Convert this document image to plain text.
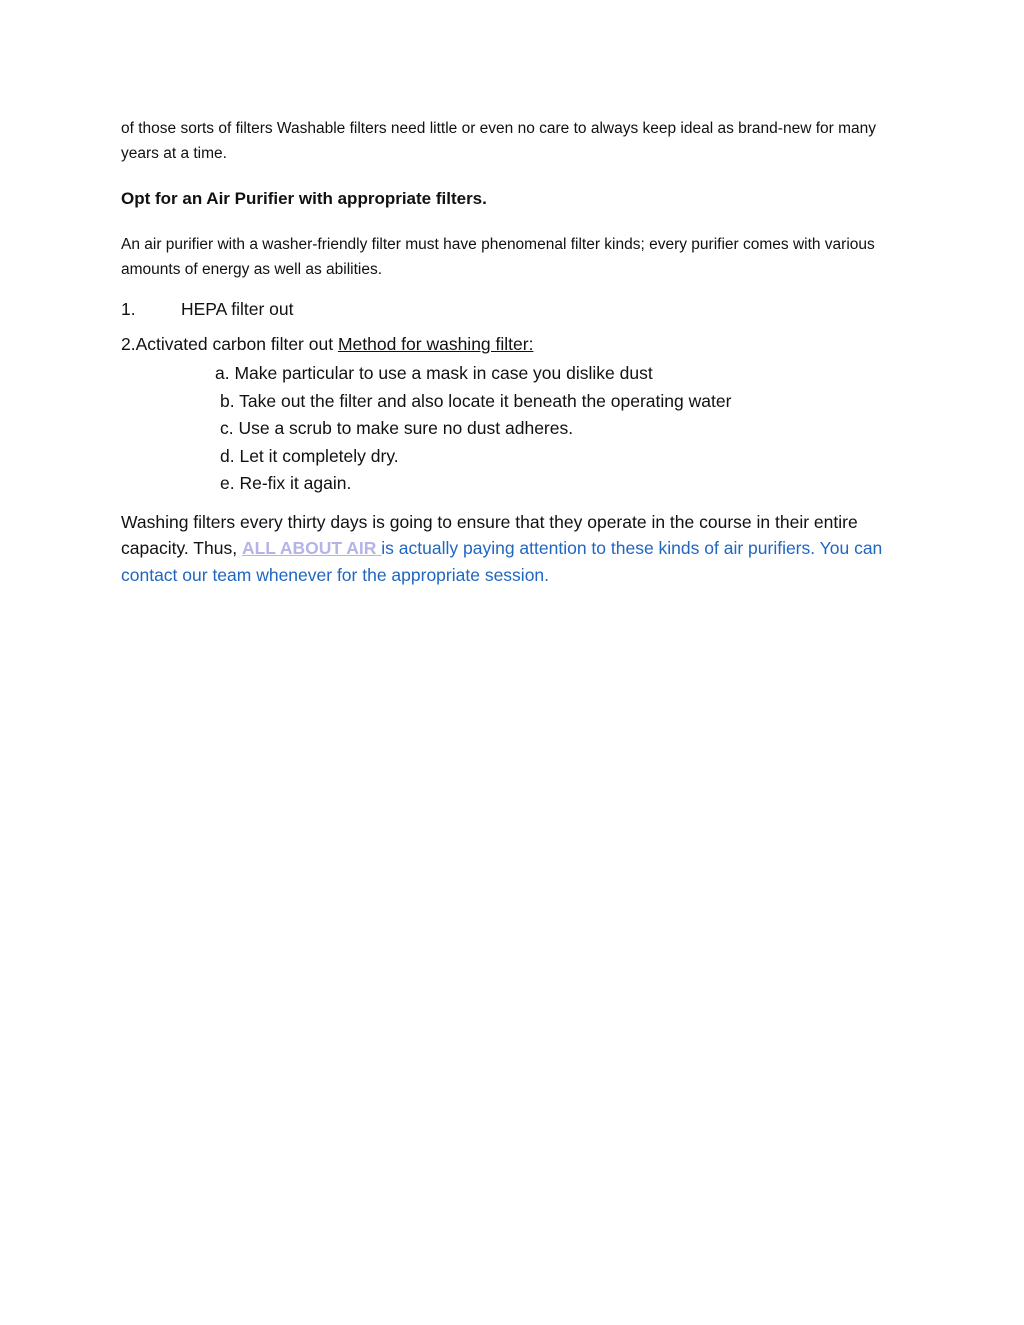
of those sorts of filters Washable filters need little or even no care to always keep ideal as brand-new for many years at a time.

Opt for an Air Purifier with appropriate filters.

An air purifier with a washer-friendly filter must have phenomenal filter kinds; every purifier comes with various amounts of energy as well as abilities.

1.	HEPA filter out
2.Activated carbon filter out Method for washing filter:
a. Make particular to use a mask in case you dislike dust
b. Take out the filter and also locate it beneath the operating water
c. Use a scrub to make sure no dust adheres.
d. Let it completely dry.
e. Re-fix it again.

Washing filters every thirty days is going to ensure that they operate in the course in their entire capacity. Thus, ALL ABOUT AIR is actually paying attention to these kinds of air purifiers. You can contact our team whenever for the appropriate session.
